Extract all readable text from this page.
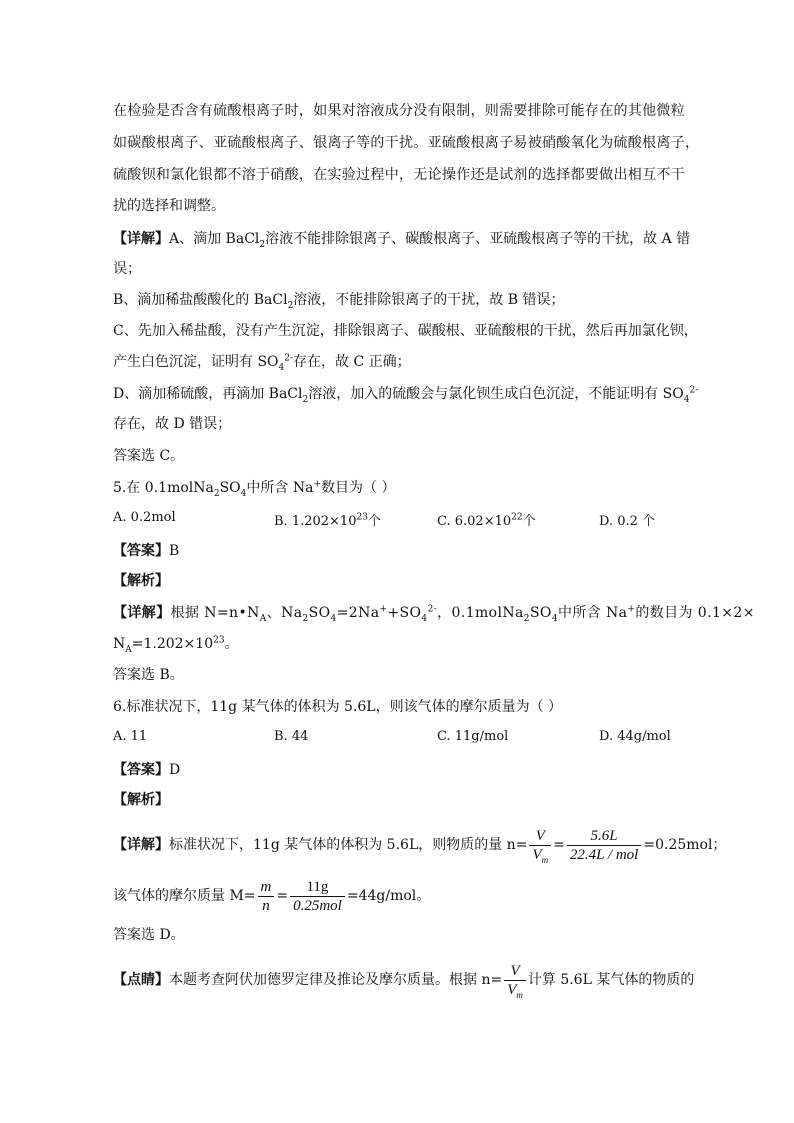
在检验是否含有硫酸根离子时，如果对溶液成分没有限制，则需要排除可能存在的其他微粒
如碳酸根离子、亚硫酸根离子、银离子等的干扰。亚硫酸根离子易被硝酸氧化为硫酸根离子，
硫酸钡和氯化银都不溶于硝酸，在实验过程中，无论操作还是试剂的选择都要做出相互不干
扰的选择和调整。
【详解】A、滴加 BaCl$_2$溶液不能排除银离子、碳酸根离子、亚硫酸根离子等的干扰，故 A 错
误；
B、滴加稀盐酸酸化的 BaCl$_2$溶液，不能排除银离子的干扰，故 B 错误；
C、先加入稀盐酸，没有产生沉淀，排除银离子、碳酸根、亚硫酸根的干扰，然后再加氯化钡，
产生白色沉淀，证明有 $SO_4^{2-}$存在，故 C 正确；
D、滴加稀硫酸，再滴加 BaCl$_2$溶液，加入的硫酸会与氯化钡生成白色沉淀，不能证明有 $SO_4^{2-}$
存在，故 D 错误；
答案选 C。
5.在 $0.1molNa_2SO_4$中所含 Na+数目为（ ）
A. 0.2mol	B. $1.202\times 10^{23}$个	C. $6.02\times 10^{22}$个	D. 0.2 个
【答案】B
【解析】
【详解】根据 $N=n•N_A$、$Na_2SO_4=2Na^++SO_4^{2-}$，$0.1molNa_2SO_4$中所含 Na+的数目为 0.1×2×
$N_A=1.202\times 10^{23}$。
答案选 B。
6.标准状况下，11g 某气体的体积为 5.6L，则该气体的摩尔质量为（ ）
A. 11	B. 44	C. 11g/mol	D. 44g/mol
【答案】D
【解析】
【详解】标准状况下，11g 某气体的体积为 5.6L，则物质的量 $n= \frac{V}{V_m} = \frac{5.6L}{\text{22.4L / mol}} =0.25mol$；
该气体的摩尔质量 $M= \frac{m}{n} = \frac{11g}{\text{0.25mol}} =44g/mol$。
答案选 D。
【点睛】本题考查阿伏加德罗定律及推论及摩尔质量。根据 $n= \frac{V}{V_m}$ 计算 5.6L 某气体的物质的
